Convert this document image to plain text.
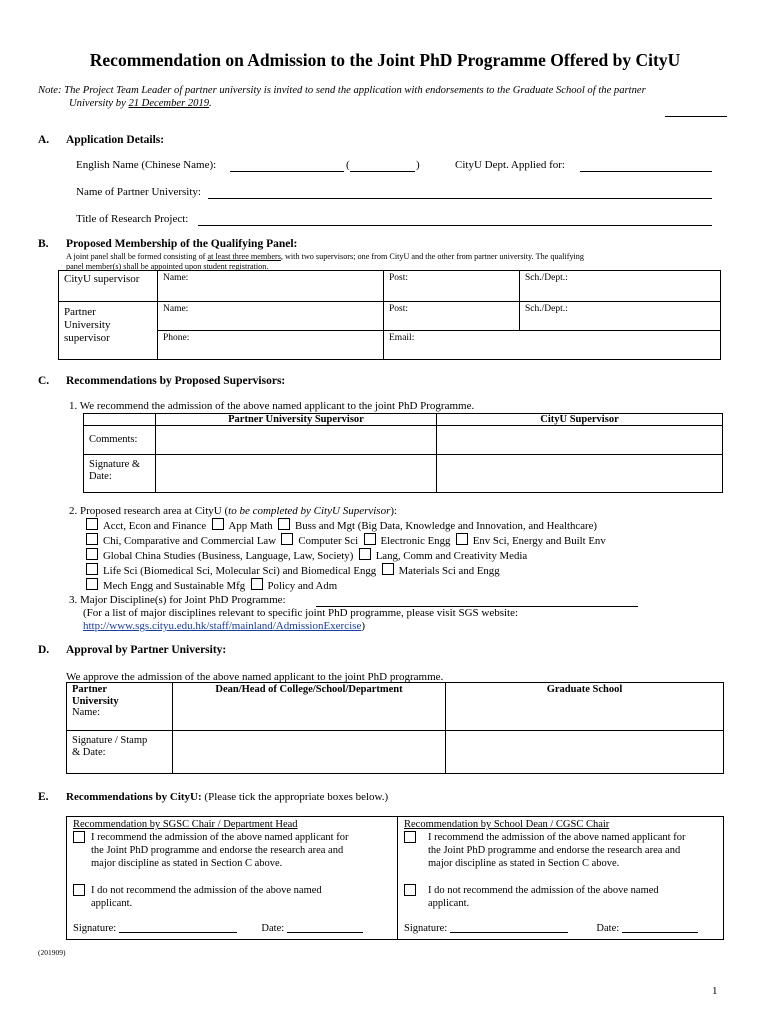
Recommendation on Admission to the Joint PhD Programme Offered by CityU
Note: The Project Team Leader of partner university is invited to send the application with endorsements to the Graduate School of the partner
University by 21 December 2019.
A. Application Details:
English Name (Chinese Name):	(	)	CityU Dept. Applied for:
Name of Partner University:
Title of Research Project:
B. Proposed Membership of the Qualifying Panel:
A joint panel shall be formed consisting of at least three members, with two supervisors; one from CityU and the other from partner university. The qualifying
panel member(s) shall be appointed upon student registration.
CityU supervisor	Name:	Post:	Sch./Dept.:
Partner
University
supervisor	Name:	Post:	Sch./Dept.:
	Phone:	Email:	
C. Recommendations by Proposed Supervisors:
1. We recommend the admission of the above named applicant to the joint PhD Programme.
	Partner University Supervisor	CityU Supervisor
Comments:		
Signature &
Date:		
2. Proposed research area at CityU (to be completed by CityU Supervisor):
Acct, Econ and Finance App Math Buss and Mgt (Big Data, Knowledge and Innovation, and Healthcare)
Chi, Comparative and Commercial Law Computer Sci Electronic Engg Env Sci, Energy and Built Env
Global China Studies (Business, Language, Law, Society) Lang, Comm and Creativity Media
Life Sci (Biomedical Sci, Molecular Sci) and Biomedical Engg Materials Sci and Engg
Mech Engg and Sustainable Mfg Policy and Adm
3. Major Discipline(s) for Joint PhD Programme:
(For a list of major disciplines relevant to specific joint PhD programme, please visit SGS website:
http://www.sgs.cityu.edu.hk/staff/mainland/AdmissionExercise)
D. Approval by Partner University:
We approve the admission of the above named applicant to the joint PhD programme.
Partner
University
Name:	Dean/Head of College/School/Department	Graduate School
Signature / Stamp
& Date:		
E. Recommendations by CityU: (Please tick the appropriate boxes below.)
Recommendation by SGSC Chair / Department Head
I recommend the admission of the above named applicant for
the Joint PhD programme and endorse the research area and
major discipline as stated in Section C above.
I do not recommend the admission of the above named
applicant.
Signature:	Date:

Recommendation by School Dean / CGSC Chair
I recommend the admission of the above named applicant for
the Joint PhD programme and endorse the research area and
major discipline as stated in Section C above.
I do not recommend the admission of the above named
applicant.
Signature:	Date:
(201909)
1
